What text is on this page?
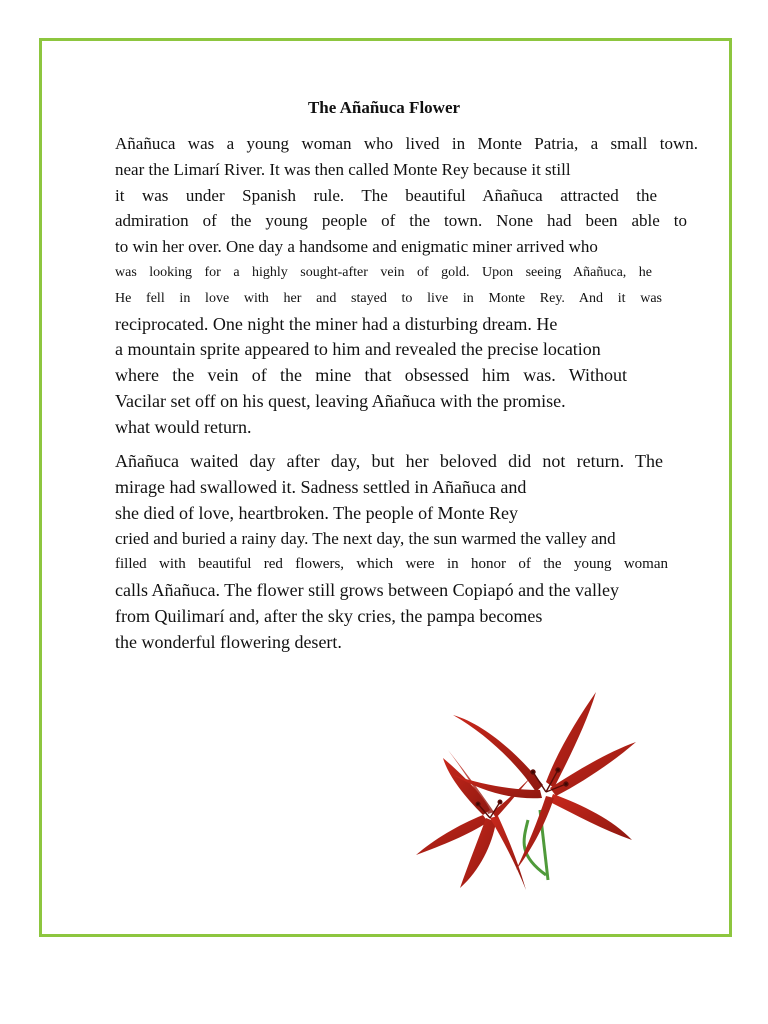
The Añañuca Flower
Añañuca was a young woman who lived in Monte Patria, a small town.
near the Limarí River. It was then called Monte Rey because it still
it was under Spanish rule. The beautiful Añañuca attracted the
admiration of the young people of the town. None had been able to
to win her over. One day a handsome and enigmatic miner arrived who
was looking for a highly sought-after vein of gold. Upon seeing Añañuca, he
He fell in love with her and stayed to live in Monte Rey. And it was
reciprocated. One night the miner had a disturbing dream. He
a mountain sprite appeared to him and revealed the precise location
where the vein of the mine that obsessed him was. Without
Vacilar set off on his quest, leaving Añañuca with the promise.
what would return.
Añañuca waited day after day, but her beloved did not return. The
mirage had swallowed it. Sadness settled in Añañuca and
she died of love, heartbroken. The people of Monte Rey
cried and buried a rainy day. The next day, the sun warmed the valley and
filled with beautiful red flowers, which were in honor of the young woman
calls Añañuca. The flower still grows between Copiapó and the valley
from Quilimarí and, after the sky cries, the pampa becomes
the wonderful flowering desert.
